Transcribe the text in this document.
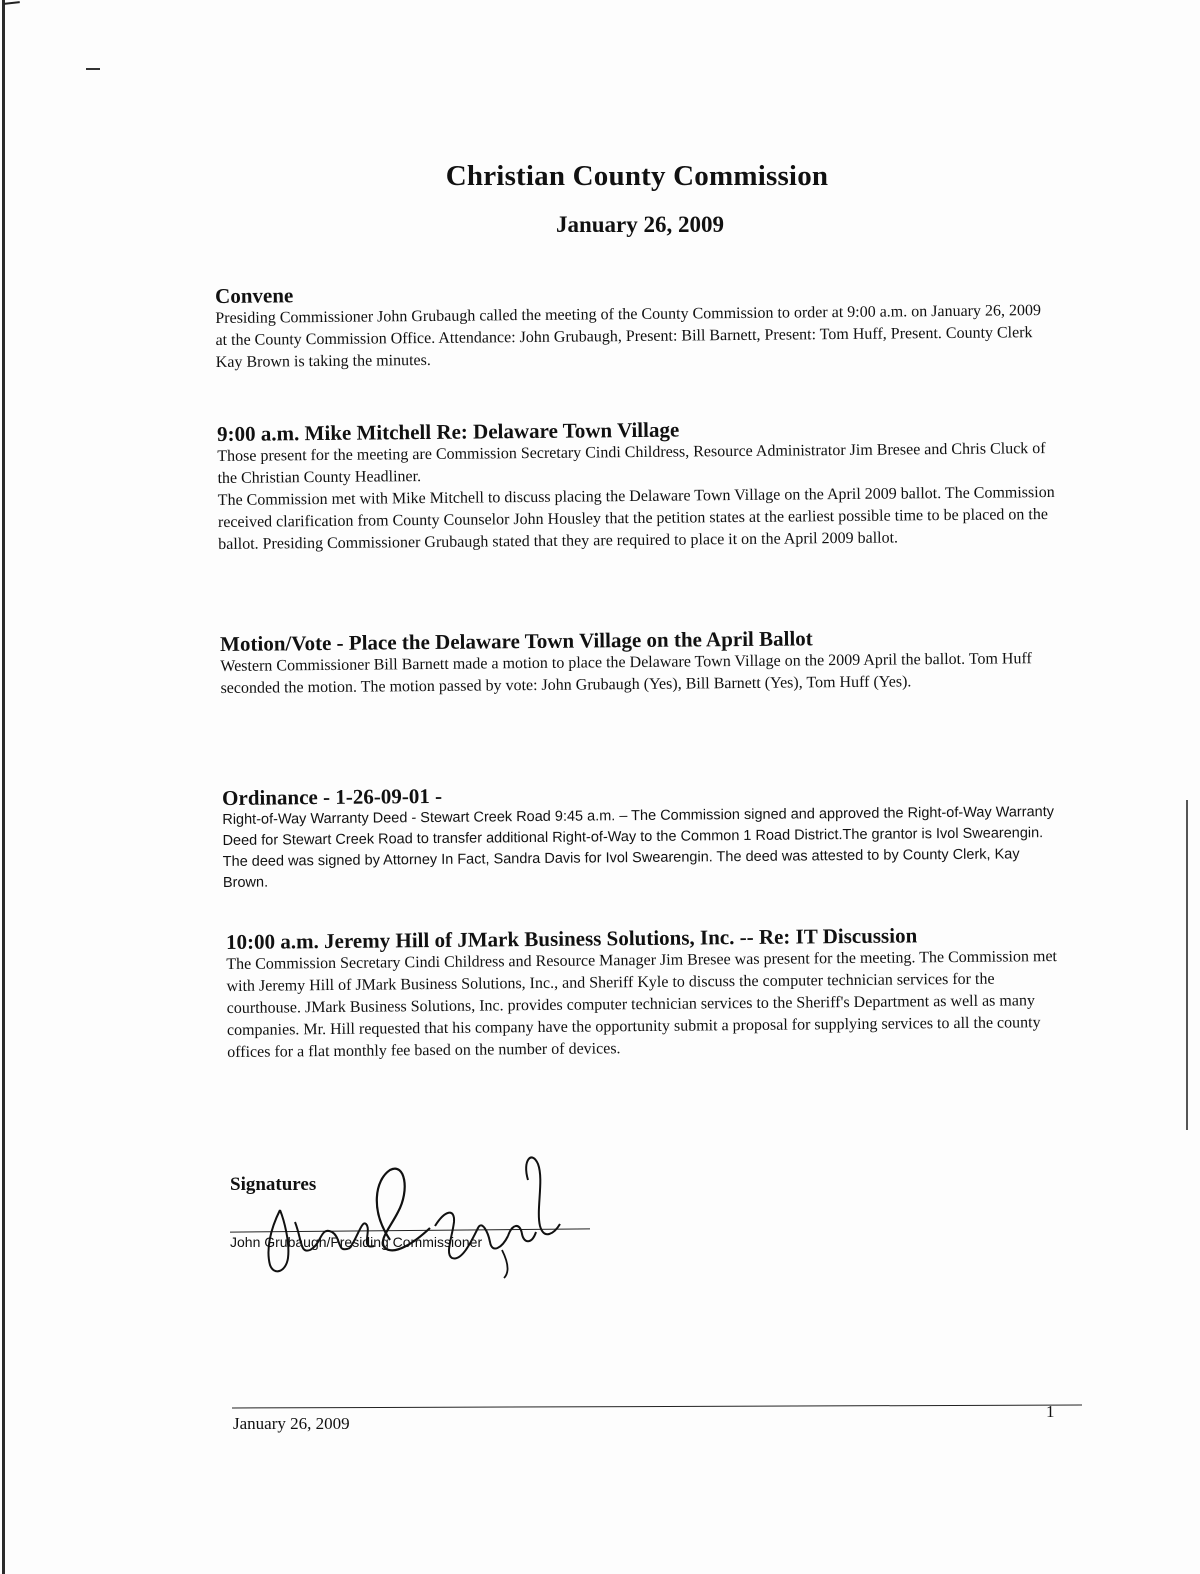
Christian County Commission
January 26, 2009
Convene

Presiding Commissioner John Grubaugh called the meeting of the County Commission to order at 9:00 a.m. on January 26, 2009 at the County Commission Office. Attendance: John Grubaugh, Present: Bill Barnett, Present: Tom Huff, Present. County Clerk Kay Brown is taking the minutes.

9:00 a.m. Mike Mitchell Re: Delaware Town Village

Those present for the meeting are Commission Secretary Cindi Childress, Resource Administrator Jim Bresee and Chris Cluck of the Christian County Headliner.

The Commission met with Mike Mitchell to discuss placing the Delaware Town Village on the April 2009 ballot. The Commission received clarification from County Counselor John Housley that the petition states at the earliest possible time to be placed on the ballot. Presiding Commissioner Grubaugh stated that they are required to place it on the April 2009 ballot.

Motion/Vote - Place the Delaware Town Village on the April Ballot

Western Commissioner Bill Barnett made a motion to place the Delaware Town Village on the 2009 April the ballot. Tom Huff seconded the motion. The motion passed by vote: John Grubaugh (Yes), Bill Barnett (Yes), Tom Huff (Yes).

Ordinance - 1-26-09-01 -

Right-of-Way Warranty Deed - Stewart Creek Road 9:45 a.m. – The Commission signed and approved the Right-of-Way Warranty Deed for Stewart Creek Road to transfer additional Right-of-Way to the Common 1 Road District.The grantor is Ivol Swearengin. The deed was signed by Attorney In Fact, Sandra Davis for Ivol Swearengin. The deed was attested to by County Clerk, Kay Brown.

10:00 a.m. Jeremy Hill of JMark Business Solutions, Inc. -- Re: IT Discussion

The Commission Secretary Cindi Childress and Resource Manager Jim Bresee was present for the meeting. The Commission met with Jeremy Hill of JMark Business Solutions, Inc., and Sheriff Kyle to discuss the computer technician services for the courthouse. JMark Business Solutions, Inc. provides computer technician services to the Sheriff's Department as well as many companies. Mr. Hill requested that his company have the opportunity submit a proposal for supplying services to all the county offices for a flat monthly fee based on the number of devices.

Signatures
John Grubaugh/Presiding Commissioner
January 26, 2009
1
